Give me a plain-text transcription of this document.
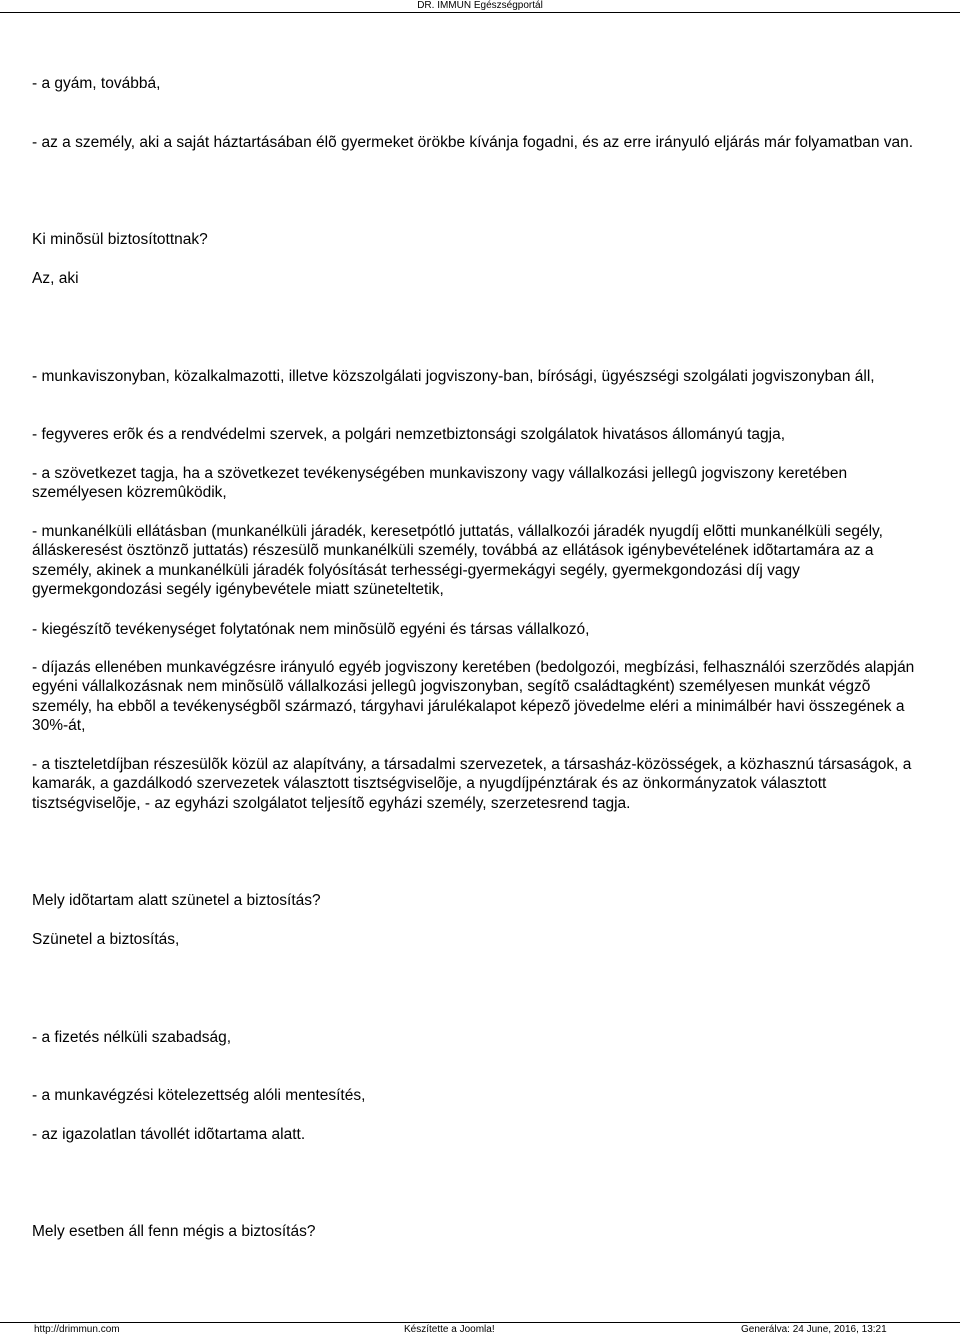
DR. IMMUN Egészségportál

- a gyám, továbbá,

- az a személy, aki a saját háztartásában élõ gyermeket örökbe kívánja fogadni, és az erre irányuló eljárás már folyamatban van.

Ki minõsül biztosítottnak?

Az, aki

- munkaviszonyban, közalkalmazotti, illetve közszolgálati jogviszony-ban, bírósági, ügyészségi szolgálati jogviszonyban áll,

- fegyveres erõk és a rendvédelmi szervek, a polgári nemzetbiztonsági szolgálatok hivatásos állományú tagja,

- a szövetkezet tagja, ha a szövetkezet tevékenységében munkaviszony vagy vállalkozási jellegû jogviszony keretében személyesen közremûködik,

- munkanélküli ellátásban (munkanélküli járadék, keresetpótló juttatás, vállalkozói járadék nyugdíj elõtti munkanélküli segély, álláskeresést ösztönzõ juttatás) részesülõ munkanélküli személy, továbbá az ellátások igénybevételének idõtartamára az a személy, akinek a munkanélküli járadék folyósítását terhességi-gyermekágyi segély, gyermekgondozási díj vagy gyermekgondozási segély igénybevétele miatt szüneteltetik,

- kiegészítõ tevékenységet folytatónak nem minõsülõ egyéni és társas vállalkozó,

- díjazás ellenében munkavégzésre irányuló egyéb jogviszony keretében (bedolgozói, megbízási, felhasználói szerzõdés alapján egyéni vállalkozásnak nem minõsülõ vállalkozási jellegû jogviszonyban, segítõ családtagként) személyesen munkát végzõ személy, ha ebbõl a tevékenységbõl származó, tárgyhavi járulékalapot képezõ jövedelme eléri a minimálbér havi összegének a 30%-át,

- a tiszteletdíjban részesülõk közül az alapítvány, a társadalmi szervezetek, a társasház-közösségek, a közhasznú társaságok, a kamarák, a gazdálkodó szervezetek választott tisztségviselõje, a nyugdíjpénztárak és az önkormányzatok választott tisztségviselõje, - az egyházi szolgálatot teljesítõ egyházi személy, szerzetesrend tagja.

Mely idõtartam alatt szünetel a biztosítás?

Szünetel a biztosítás,

- a fizetés nélküli szabadság,

- a munkavégzési kötelezettség alóli mentesítés,

- az igazolatlan távollét idõtartama alatt.

Mely esetben áll fenn mégis a biztosítás?

http://drimmun.com	Készítette a Joomla!	Generálva: 24 June, 2016, 13:21
